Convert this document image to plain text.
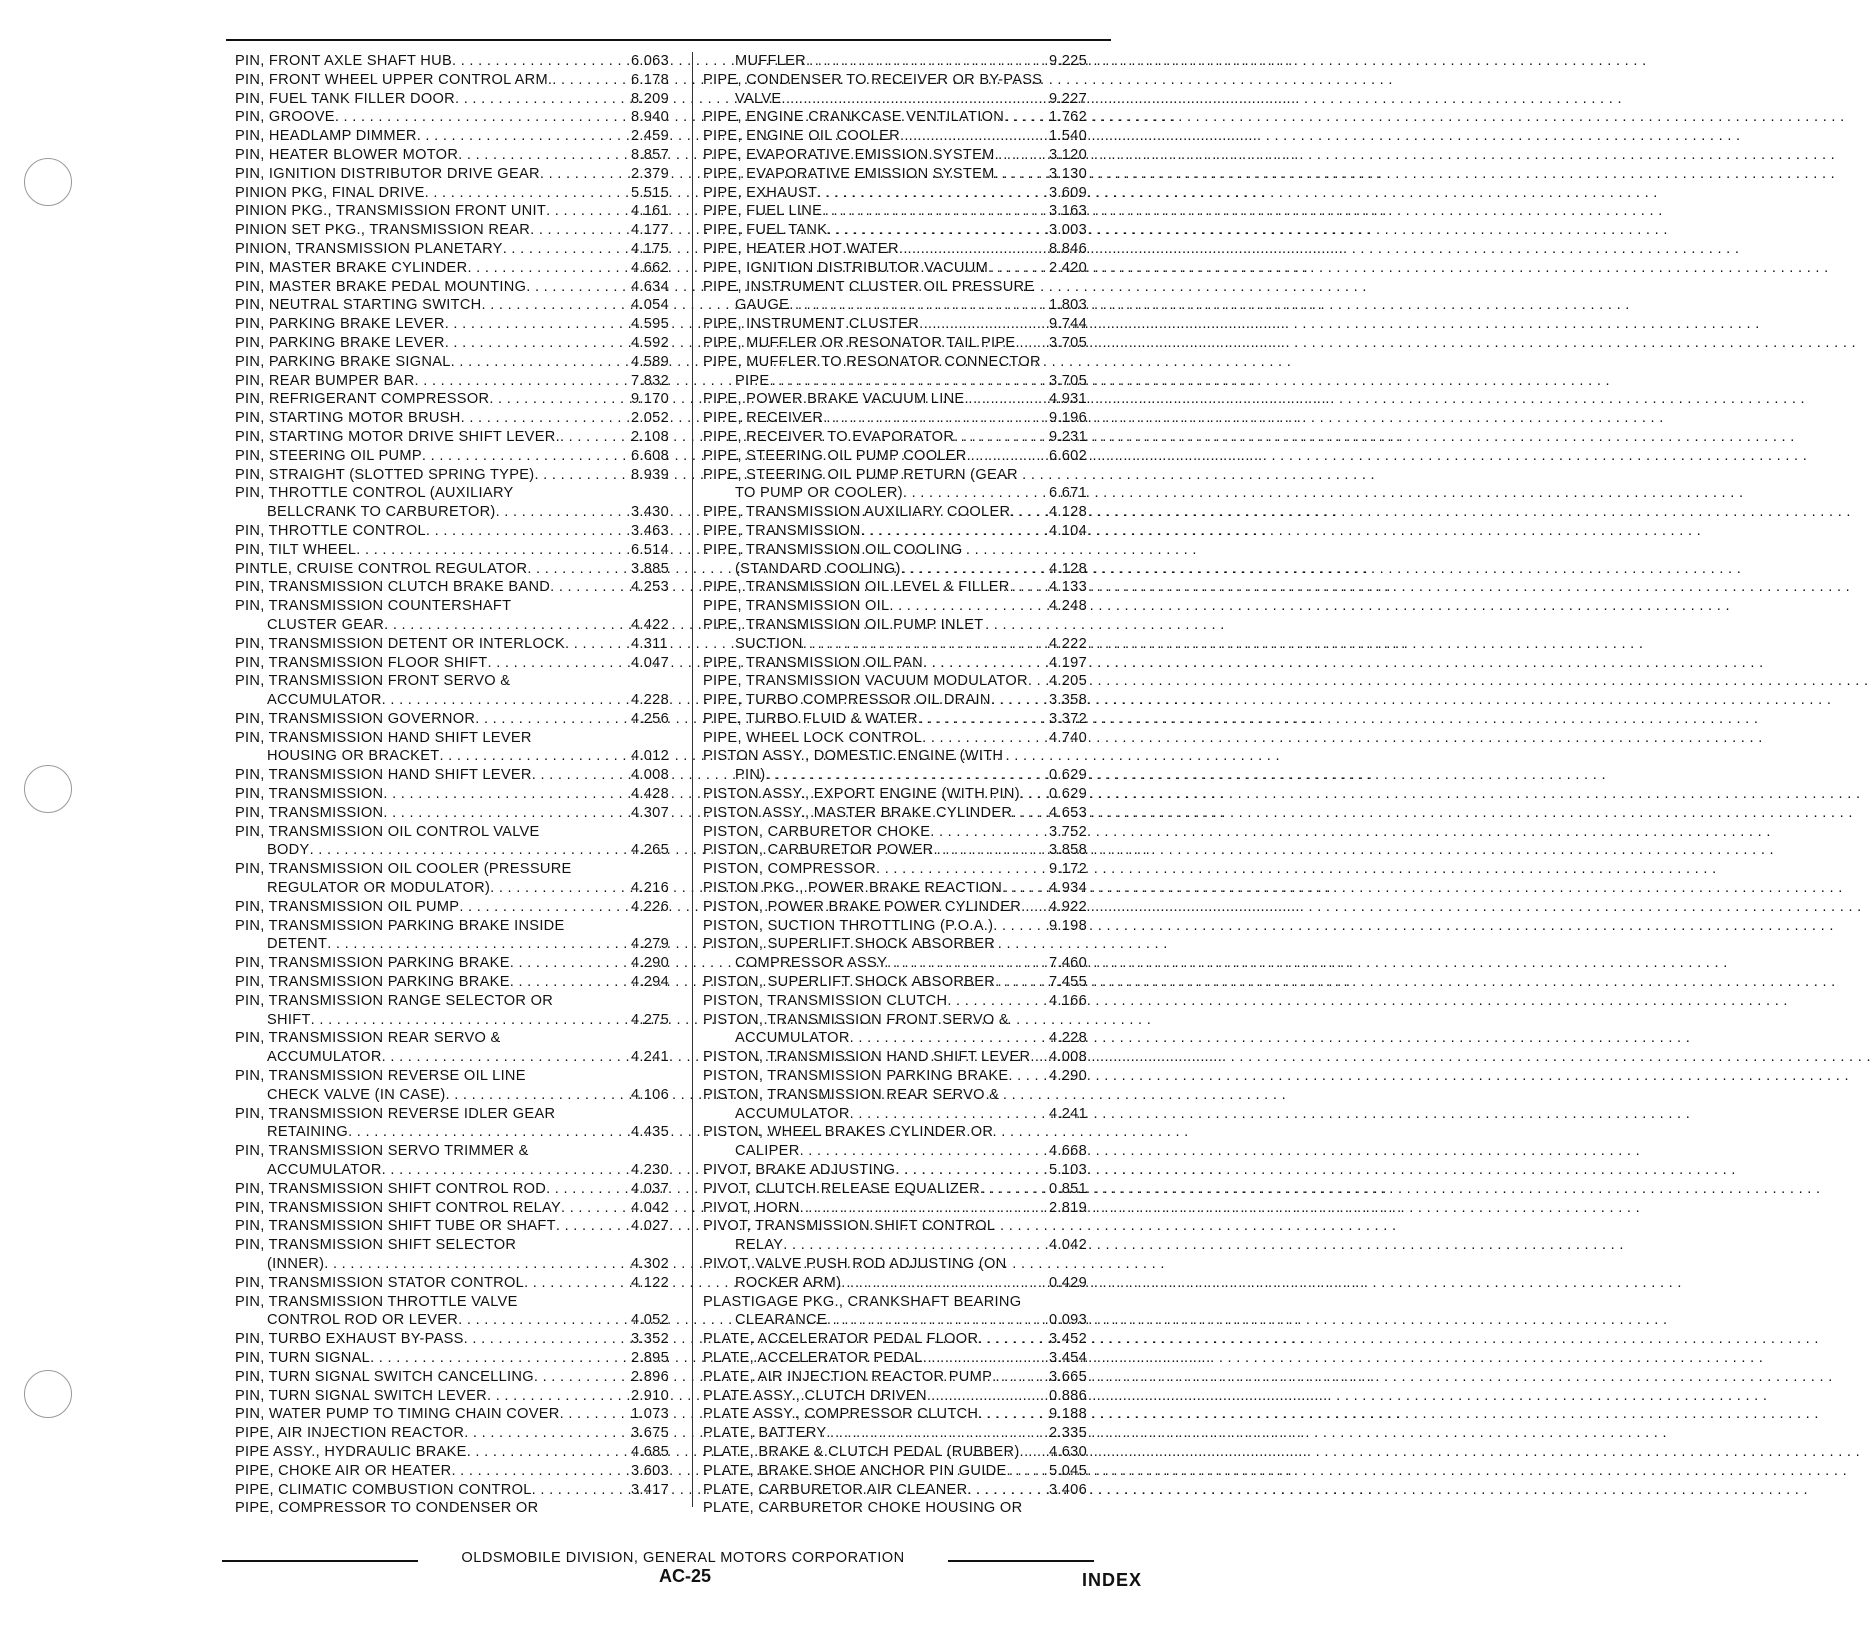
PIN, FRONT AXLE SHAFT HUB . . .	6.063
PIN, FRONT WHEEL UPPER CONTROL ARM. . . .	6.178
PIN, FUEL TANK FILLER DOOR . . .	8.209
PIN, GROOVE . . .	8.940
PIN, HEADLAMP DIMMER . . .	2.459
PIN, HEATER BLOWER MOTOR . . .	8.857
PIN, IGNITION DISTRIBUTOR DRIVE GEAR . . .	2.379
PINION PKG, FINAL DRIVE . . .	5.515
PINION PKG., TRANSMISSION FRONT UNIT . . .	4.161
PINION SET PKG., TRANSMISSION REAR . . .	4.177
PINION, TRANSMISSION PLANETARY . . .	4.175
PIN, MASTER BRAKE CYLINDER . . .	4.662
PIN, MASTER BRAKE PEDAL MOUNTING . . .	4.634
PIN, NEUTRAL STARTING SWITCH . . .	4.054
PIN, PARKING BRAKE LEVER . . .	4.595
PIN, PARKING BRAKE LEVER . . .	4.592
PIN, PARKING BRAKE SIGNAL . . .	4.589
PIN, REAR BUMPER BAR . . .	7.832
PIN, REFRIGERANT COMPRESSOR . . .	9.170
PIN, STARTING MOTOR BRUSH . . .	2.052
PIN, STARTING MOTOR DRIVE SHIFT LEVER. . . .	2.108
PIN, STEERING OIL PUMP . . .	6.608
PIN, STRAIGHT (SLOTTED SPRING TYPE) . . .	8.939
PIN, THROTTLE CONTROL (AUXILIARY
BELLCRANK TO CARBURETOR) . . .	3.430
PIN, THROTTLE CONTROL . . .	3.463
PIN, TILT WHEEL . . .	6.514
PINTLE, CRUISE CONTROL REGULATOR . . .	3.885
PIN, TRANSMISSION CLUTCH BRAKE BAND . . .	4.253
PIN, TRANSMISSION COUNTERSHAFT
CLUSTER GEAR . . .	4.422
PIN, TRANSMISSION DETENT OR INTERLOCK . . .	4.311
PIN, TRANSMISSION FLOOR SHIFT . . .	4.047
PIN, TRANSMISSION FRONT SERVO &
ACCUMULATOR . . .	4.228
PIN, TRANSMISSION GOVERNOR . . .	4.256
PIN, TRANSMISSION HAND SHIFT LEVER
HOUSING OR BRACKET . . .	4.012
PIN, TRANSMISSION HAND SHIFT LEVER . . .	4.008
PIN, TRANSMISSION . . .	4.428
PIN, TRANSMISSION . . .	4.307
PIN, TRANSMISSION OIL CONTROL VALVE
BODY . . .	4.265
PIN, TRANSMISSION OIL COOLER (PRESSURE
REGULATOR OR MODULATOR) . . .	4.216
PIN, TRANSMISSION OIL PUMP . . .	4.226
PIN, TRANSMISSION PARKING BRAKE INSIDE
DETENT . . .	4.279
PIN, TRANSMISSION PARKING BRAKE . . .	4.290
PIN, TRANSMISSION PARKING BRAKE . . .	4.294
PIN, TRANSMISSION RANGE SELECTOR OR
SHIFT . . .	4.275
PIN, TRANSMISSION REAR SERVO &
ACCUMULATOR . . .	4.241
PIN, TRANSMISSION REVERSE OIL LINE
CHECK VALVE (IN CASE) . . .	4.106
PIN, TRANSMISSION REVERSE IDLER GEAR
RETAINING . . .	4.435
PIN, TRANSMISSION SERVO TRIMMER &
ACCUMULATOR . . .	4.230
PIN, TRANSMISSION SHIFT CONTROL ROD . . .	4.037
PIN, TRANSMISSION SHIFT CONTROL RELAY . . .	4.042
PIN, TRANSMISSION SHIFT TUBE OR SHAFT . . .	4.027
PIN, TRANSMISSION SHIFT SELECTOR
(INNER) . . .	4.302
PIN, TRANSMISSION STATOR CONTROL . . .	4.122
PIN, TRANSMISSION THROTTLE VALVE
CONTROL ROD OR LEVER . . .	4.052
PIN, TURBO EXHAUST BY-PASS . . .	3.352
PIN, TURN SIGNAL . . .	2.895
PIN, TURN SIGNAL SWITCH CANCELLING . . .	2.896
PIN, TURN SIGNAL SWITCH LEVER . . .	2.910
PIN, WATER PUMP TO TIMING CHAIN COVER . . .	1.073
PIPE, AIR INJECTION REACTOR . . .	3.675
PIPE ASSY., HYDRAULIC BRAKE . . .	4.685
PIPE, CHOKE AIR OR HEATER . . .	3.603
PIPE, CLIMATIC COMBUSTION CONTROL . . .	3.417
PIPE, COMPRESSOR TO CONDENSER OR
MUFFLER . . .	9.225
PIPE, CONDENSER TO RECEIVER OR BY-PASS
VALVE . . .	9.227
PIPE, ENGINE CRANKCASE VENTILATION . . .	1.762
PIPE, ENGINE OIL COOLER . . .	1.540
PIPE, EVAPORATIVE EMISSION SYSTEM . . .	3.120
PIPE, EVAPORATIVE EMISSION SYSTEM . . .	3.130
PIPE, EXHAUST . . .	3.609
PIPE, FUEL LINE . . .	3.163
PIPE, FUEL TANK . . .	3.003
PIPE, HEATER HOT WATER . . .	8.846
PIPE, IGNITION DISTRIBUTOR VACUUM . . .	2.420
PIPE, INSTRUMENT CLUSTER OIL PRESSURE
GAUGE . . .	1.803
PIPE, INSTRUMENT CLUSTER . . .	9.744
PIPE, MUFFLER OR RESONATOR TAIL PIPE . . . 3.705
PIPE, MUFFLER TO RESONATOR CONNECTOR
PIPE . . .	3.705
PIPE, POWER BRAKE VACUUM LINE . . .	4.931
PIPE, RECEIVER . . .	9.196
PIPE, RECEIVER TO EVAPORATOR . . .	9.231
PIPE, STEERING OIL PUMP COOLER . . .	6.602
PIPE, STEERING OIL PUMP RETURN (GEAR
TO PUMP OR COOLER) . . .	6.671
PIPE, TRANSMISSION AUXILIARY COOLER . . .	4.128
PIPE, TRANSMISSION . . .	4.104
PIPE, TRANSMISSION OIL COOLING
(STANDARD COOLING) . . .	4.128
PIPE, TRANSMISSION OIL LEVEL & FILLER . . .	4.133
PIPE, TRANSMISSION OIL . . .	4.248
PIPE, TRANSMISSION OIL PUMP INLET
SUCTION . . .	4.222
PIPE, TRANSMISSION OIL PAN . . .	4.197
PIPE, TRANSMISSION VACUUM MODULATOR . . . 4.205
PIPE, TURBO COMPRESSOR OIL DRAIN . . .	3.358
PIPE, TURBO FLUID & WATER . . .	3.372
PIPE, WHEEL LOCK CONTROL . . .	4.740
PISTON ASSY., DOMESTIC ENGINE (WITH
PIN) . . .	0.629
PISTON ASSY., EXPORT ENGINE (WITH PIN) . . . 0.629
PISTON ASSY., MASTER BRAKE CYLINDER . . .	4.653
PISTON, CARBURETOR CHOKE . . .	3.752
PISTON, CARBURETOR POWER . . .	3.858
PISTON, COMPRESSOR . . .	9.172
PISTON PKG., POWER BRAKE REACTION . . .	4.934
PISTON, POWER BRAKE POWER CYLINDER . . . 4.922
PISTON, SUCTION THROTTLING (P.O.A.) . . .	9.198
PISTON, SUPERLIFT SHOCK ABSORBER
COMPRESSOR ASSY . . .	7.460
PISTON, SUPERLIFT SHOCK ABSORBER . . .	7.455
PISTON, TRANSMISSION CLUTCH . . .	4.166
PISTON, TRANSMISSION FRONT SERVO &
ACCUMULATOR . . .	4.228
PISTON, TRANSMISSION HAND SHIFT LEVER . . . 4.008
PISTON, TRANSMISSION PARKING BRAKE . . .	4.290
PISTON, TRANSMISSION REAR SERVO &
ACCUMULATOR . . .	4.241
PISTON, WHEEL BRAKES CYLINDER OR
CALIPER . . .	4.668
PIVOT, BRAKE ADJUSTING . . .	5.103
PIVOT, CLUTCH RELEASE EQUALIZER . . .	0.851
PIVOT, HORN . . .	2.819
PIVOT, TRANSMISSION SHIFT CONTROL
RELAY . . .	4.042
PIVOT, VALVE PUSH ROD ADJUSTING (ON
ROCKER ARM) . . .	0.429
PLASTIGAGE PKG., CRANKSHAFT BEARING
CLEARANCE . . .	0.093
PLATE, ACCELERATOR PEDAL FLOOR . . .	3.452
PLATE, ACCELERATOR PEDAL . . .	3.454
PLATE, AIR INJECTION REACTOR PUMP . . .	3.665
PLATE ASSY., CLUTCH DRIVEN . . .	0.886
PLATE ASSY., COMPRESSOR CLUTCH . . .	9.188
PLATE, BATTERY . . .	2.335
PLATE, BRAKE & CLUTCH PEDAL (RUBBER) . . . 4.630
PLATE, BRAKE SHOE ANCHOR PIN GUIDE . . .	5.045
PLATE, CARBURETOR AIR CLEANER . . .	3.406
PLATE, CARBURETOR CHOKE HOUSING OR
OLDSMOBILE DIVISION, GENERAL MOTORS CORPORATION
AC-25	INDEX
